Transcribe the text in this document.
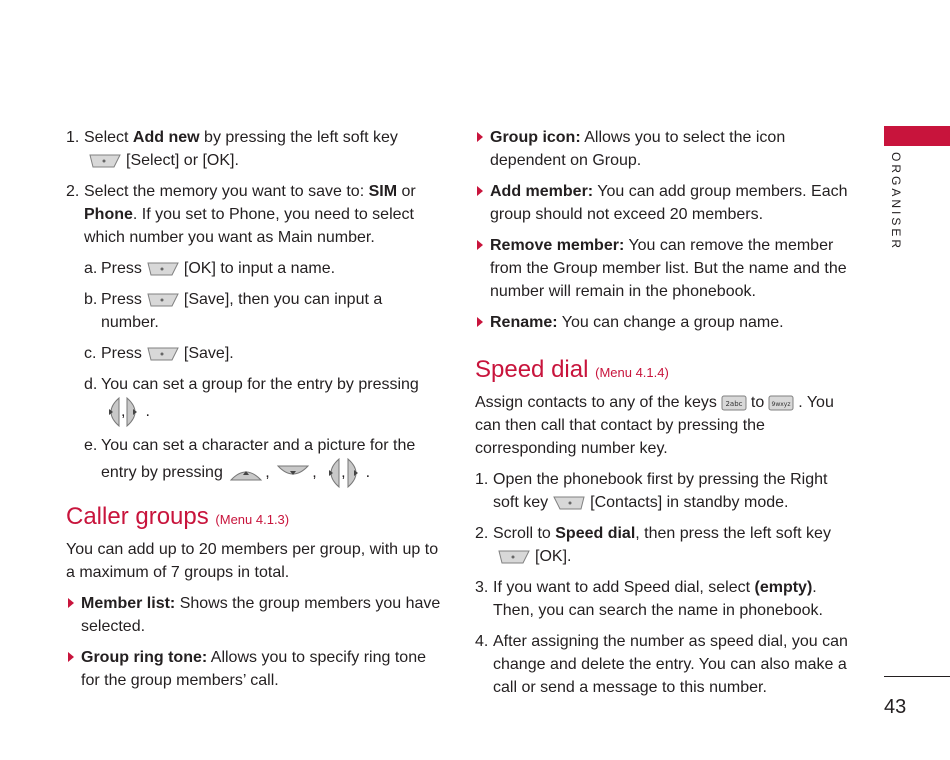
1. Select Add new by pressing the left soft key

[Select] or [OK].

2. Select the memory you want to save to: SIM or
Phone. If you set to Phone, you need to select which number you want as Main number.

a. Press	[OK] to input a name.

b. Press	[Save], then you can input a number.

c. Press	[Save].

d. You can set a group for the entry by pressing
, .

e. You can set a character and a picture for the entry by pressing	,	, , .

Caller groups (Menu 4.1.3)

You can add up to 20 members per group, with up to a maximum of 7 groups in total.

Member list: Shows the group members you have selected.

Group ring tone: Allows you to specify ring tone for the group members’ call.

Group icon: Allows you to select the icon dependent on Group.

Add member: You can add group members. Each group should not exceed 20 members.

Remove member: You can remove the member from the Group member list. But the name and the number will remain in the phonebook.

Rename: You can change a group name.

Speed dial (Menu 4.1.4)

Assign contacts to any of the keys 2abc to 9wxyz . You can then call that contact by pressing the corresponding number key.

1. Open the phonebook first by pressing the Right soft key	[Contacts] in standby mode.

2. Scroll to Speed dial, then press the left soft key

[OK].

3. If you want to add Speed dial, select (empty). Then, you can search the name in phonebook.

4. After assigning the number as speed dial, you can change and delete the entry. You can also make a call or send a message to this number.

ORGANISER
43
